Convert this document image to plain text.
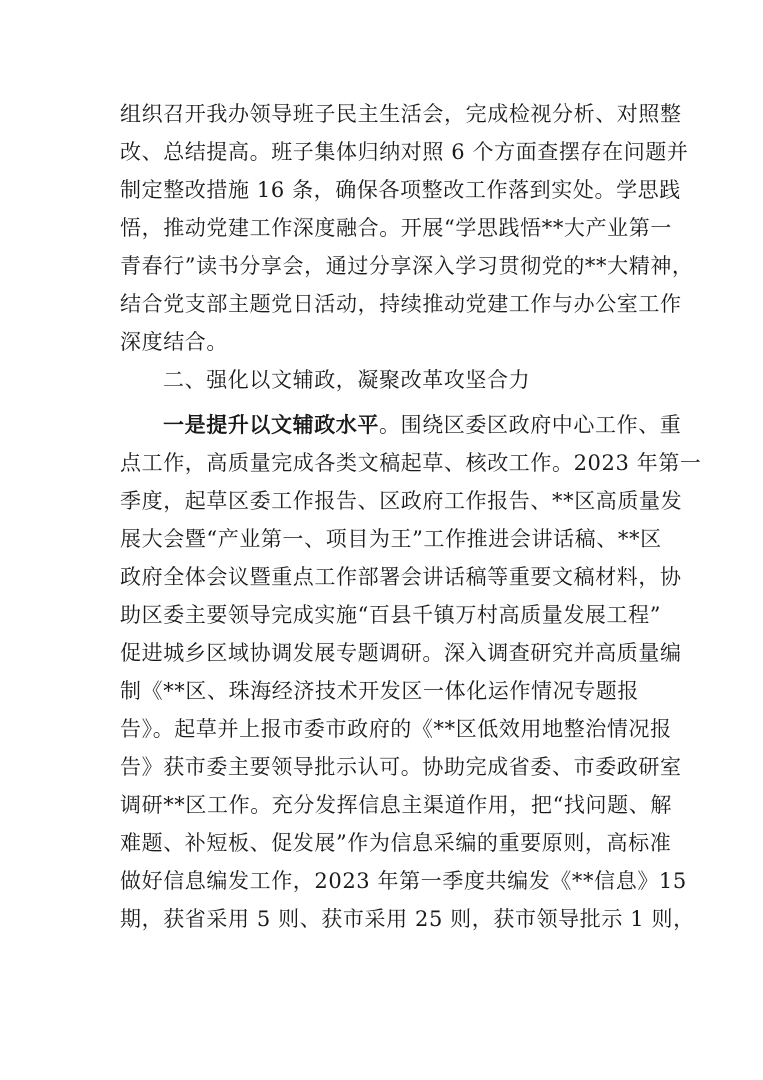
组织召开我办领导班子民主生活会，完成检视分析、对照整
改、总结提高。班子集体归纳对照 6 个方面查摆存在问题并
制定整改措施 16 条，确保各项整改工作落到实处。学思践
悟，推动党建工作深度融合。开展“学思践悟**大产业第一
青春行”读书分享会，通过分享深入学习贯彻党的**大精神，
结合党支部主题党日活动，持续推动党建工作与办公室工作
深度结合。
二、强化以文辅政，凝聚改革攻坚合力
一是提升以文辅政水平。围绕区委区政府中心工作、重
点工作，高质量完成各类文稿起草、核改工作。2023 年第一
季度，起草区委工作报告、区政府工作报告、**区高质量发
展大会暨“产业第一、项目为王”工作推进会讲话稿、**区
政府全体会议暨重点工作部署会讲话稿等重要文稿材料，协
助区委主要领导完成实施“百县千镇万村高质量发展工程”
促进城乡区域协调发展专题调研。深入调查研究并高质量编
制《**区、珠海经济技术开发区一体化运作情况专题报
告》。起草并上报市委市政府的《**区低效用地整治情况报
告》获市委主要领导批示认可。协助完成省委、市委政研室
调研**区工作。充分发挥信息主渠道作用，把“找问题、解
难题、补短板、促发展”作为信息采编的重要原则，高标准
做好信息编发工作，2023 年第一季度共编发《**信息》15
期，获省采用 5 则、获市采用 25 则，获市领导批示 1 则，
